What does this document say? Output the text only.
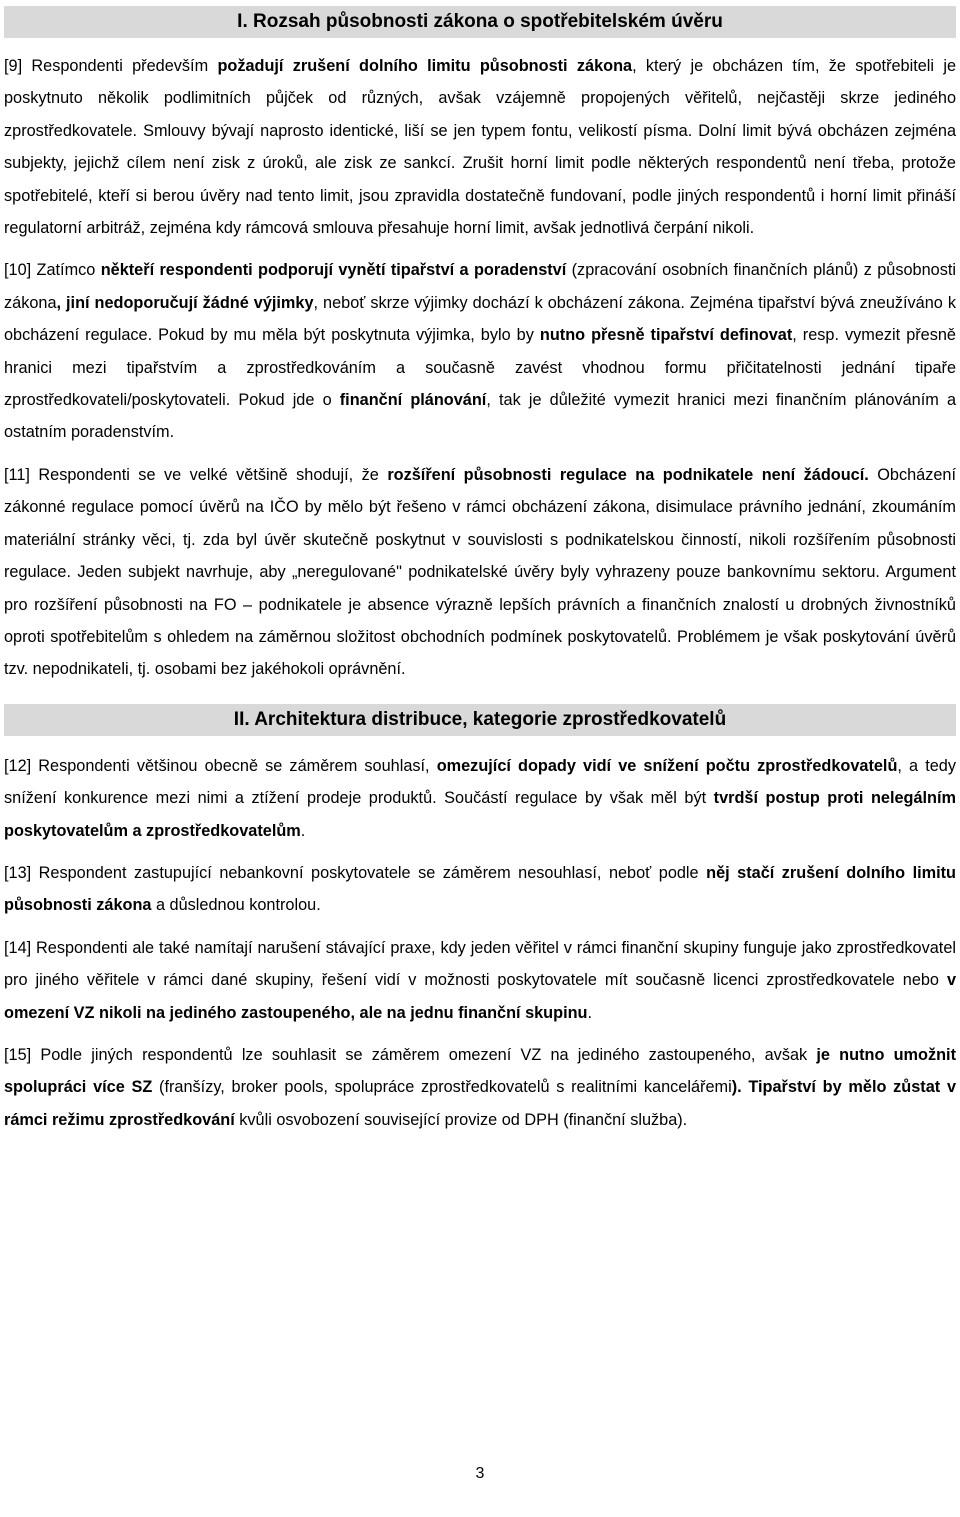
I. Rozsah působnosti zákona o spotřebitelském úvěru

[9] Respondenti především požadují zrušení dolního limitu působnosti zákona, který je obcházen tím, že spotřebiteli je poskytnuto několik podlimitních půjček od různých, avšak vzájemně propojených věřitelů, nejčastěji skrze jediného zprostředkovatele. Smlouvy bývají naprosto identické, liší se jen typem fontu, velikostí písma. Dolní limit bývá obcházen zejména subjekty, jejichž cílem není zisk z úroků, ale zisk ze sankcí. Zrušit horní limit podle některých respondentů není třeba, protože spotřebitelé, kteří si berou úvěry nad tento limit, jsou zpravidla dostatečně fundovaní, podle jiných respondentů i horní limit přináší regulatorní arbitráž, zejména kdy rámcová smlouva přesahuje horní limit, avšak jednotlivá čerpání nikoli.

[10] Zatímco někteří respondenti podporují vynětí tipařství a poradenství (zpracování osobních finančních plánů) z působnosti zákona, jiní nedoporučují žádné výjimky, neboť skrze výjimky dochází k obcházení zákona. Zejména tipařství bývá zneužíváno k obcházení regulace. Pokud by mu měla být poskytnuta výjimka, bylo by nutno přesně tipařství definovat, resp. vymezit přesně hranici mezi tipařstvím a zprostředkováním a současně zavést vhodnou formu přičitatelnosti jednání tipaře zprostředkovateli/poskytovateli. Pokud jde o finanční plánování, tak je důležité vymezit hranici mezi finančním plánováním a ostatním poradenstvím.

[11] Respondenti se ve velké většině shodují, že rozšíření působnosti regulace na podnikatele není žádoucí. Obcházení zákonné regulace pomocí úvěrů na IČO by mělo být řešeno v rámci obcházení zákona, disimulace právního jednání, zkoumáním materiální stránky věci, tj. zda byl úvěr skutečně poskytnut v souvislosti s podnikatelskou činností, nikoli rozšířením působnosti regulace. Jeden subjekt navrhuje, aby „neregulované" podnikatelské úvěry byly vyhrazeny pouze bankovnímu sektoru. Argument pro rozšíření působnosti na FO – podnikatele je absence výrazně lepších právních a finančních znalostí u drobných živnostníků oproti spotřebitelům s ohledem na záměrnou složitost obchodních podmínek poskytovatelů. Problémem je však poskytování úvěrů tzv. nepodnikateli, tj. osobami bez jakéhokoli oprávnění.

II. Architektura distribuce, kategorie zprostředkovatelů

[12] Respondenti většinou obecně se záměrem souhlasí, omezující dopady vidí ve snížení počtu zprostředkovatelů, a tedy snížení konkurence mezi nimi a ztížení prodeje produktů. Součástí regulace by však měl být tvrdší postup proti nelegálním poskytovatelům a zprostředkovatelům.

[13] Respondent zastupující nebankovní poskytovatele se záměrem nesouhlasí, neboť podle něj stačí zrušení dolního limitu působnosti zákona a důslednou kontrolou.

[14] Respondenti ale také namítají narušení stávající praxe, kdy jeden věřitel v rámci finanční skupiny funguje jako zprostředkovatel pro jiného věřitele v rámci dané skupiny, řešení vidí v možnosti poskytovatele mít současně licenci zprostředkovatele nebo v omezení VZ nikoli na jediného zastoupeného, ale na jednu finanční skupinu.

[15] Podle jiných respondentů lze souhlasit se záměrem omezení VZ na jediného zastoupeného, avšak je nutno umožnit spolupráci více SZ (franšízy, broker pools, spolupráce zprostředkovatelů s realitními kancelářemi). Tipařství by mělo zůstat v rámci režimu zprostředkování kvůli osvobození související provize od DPH (finanční služba).

3
